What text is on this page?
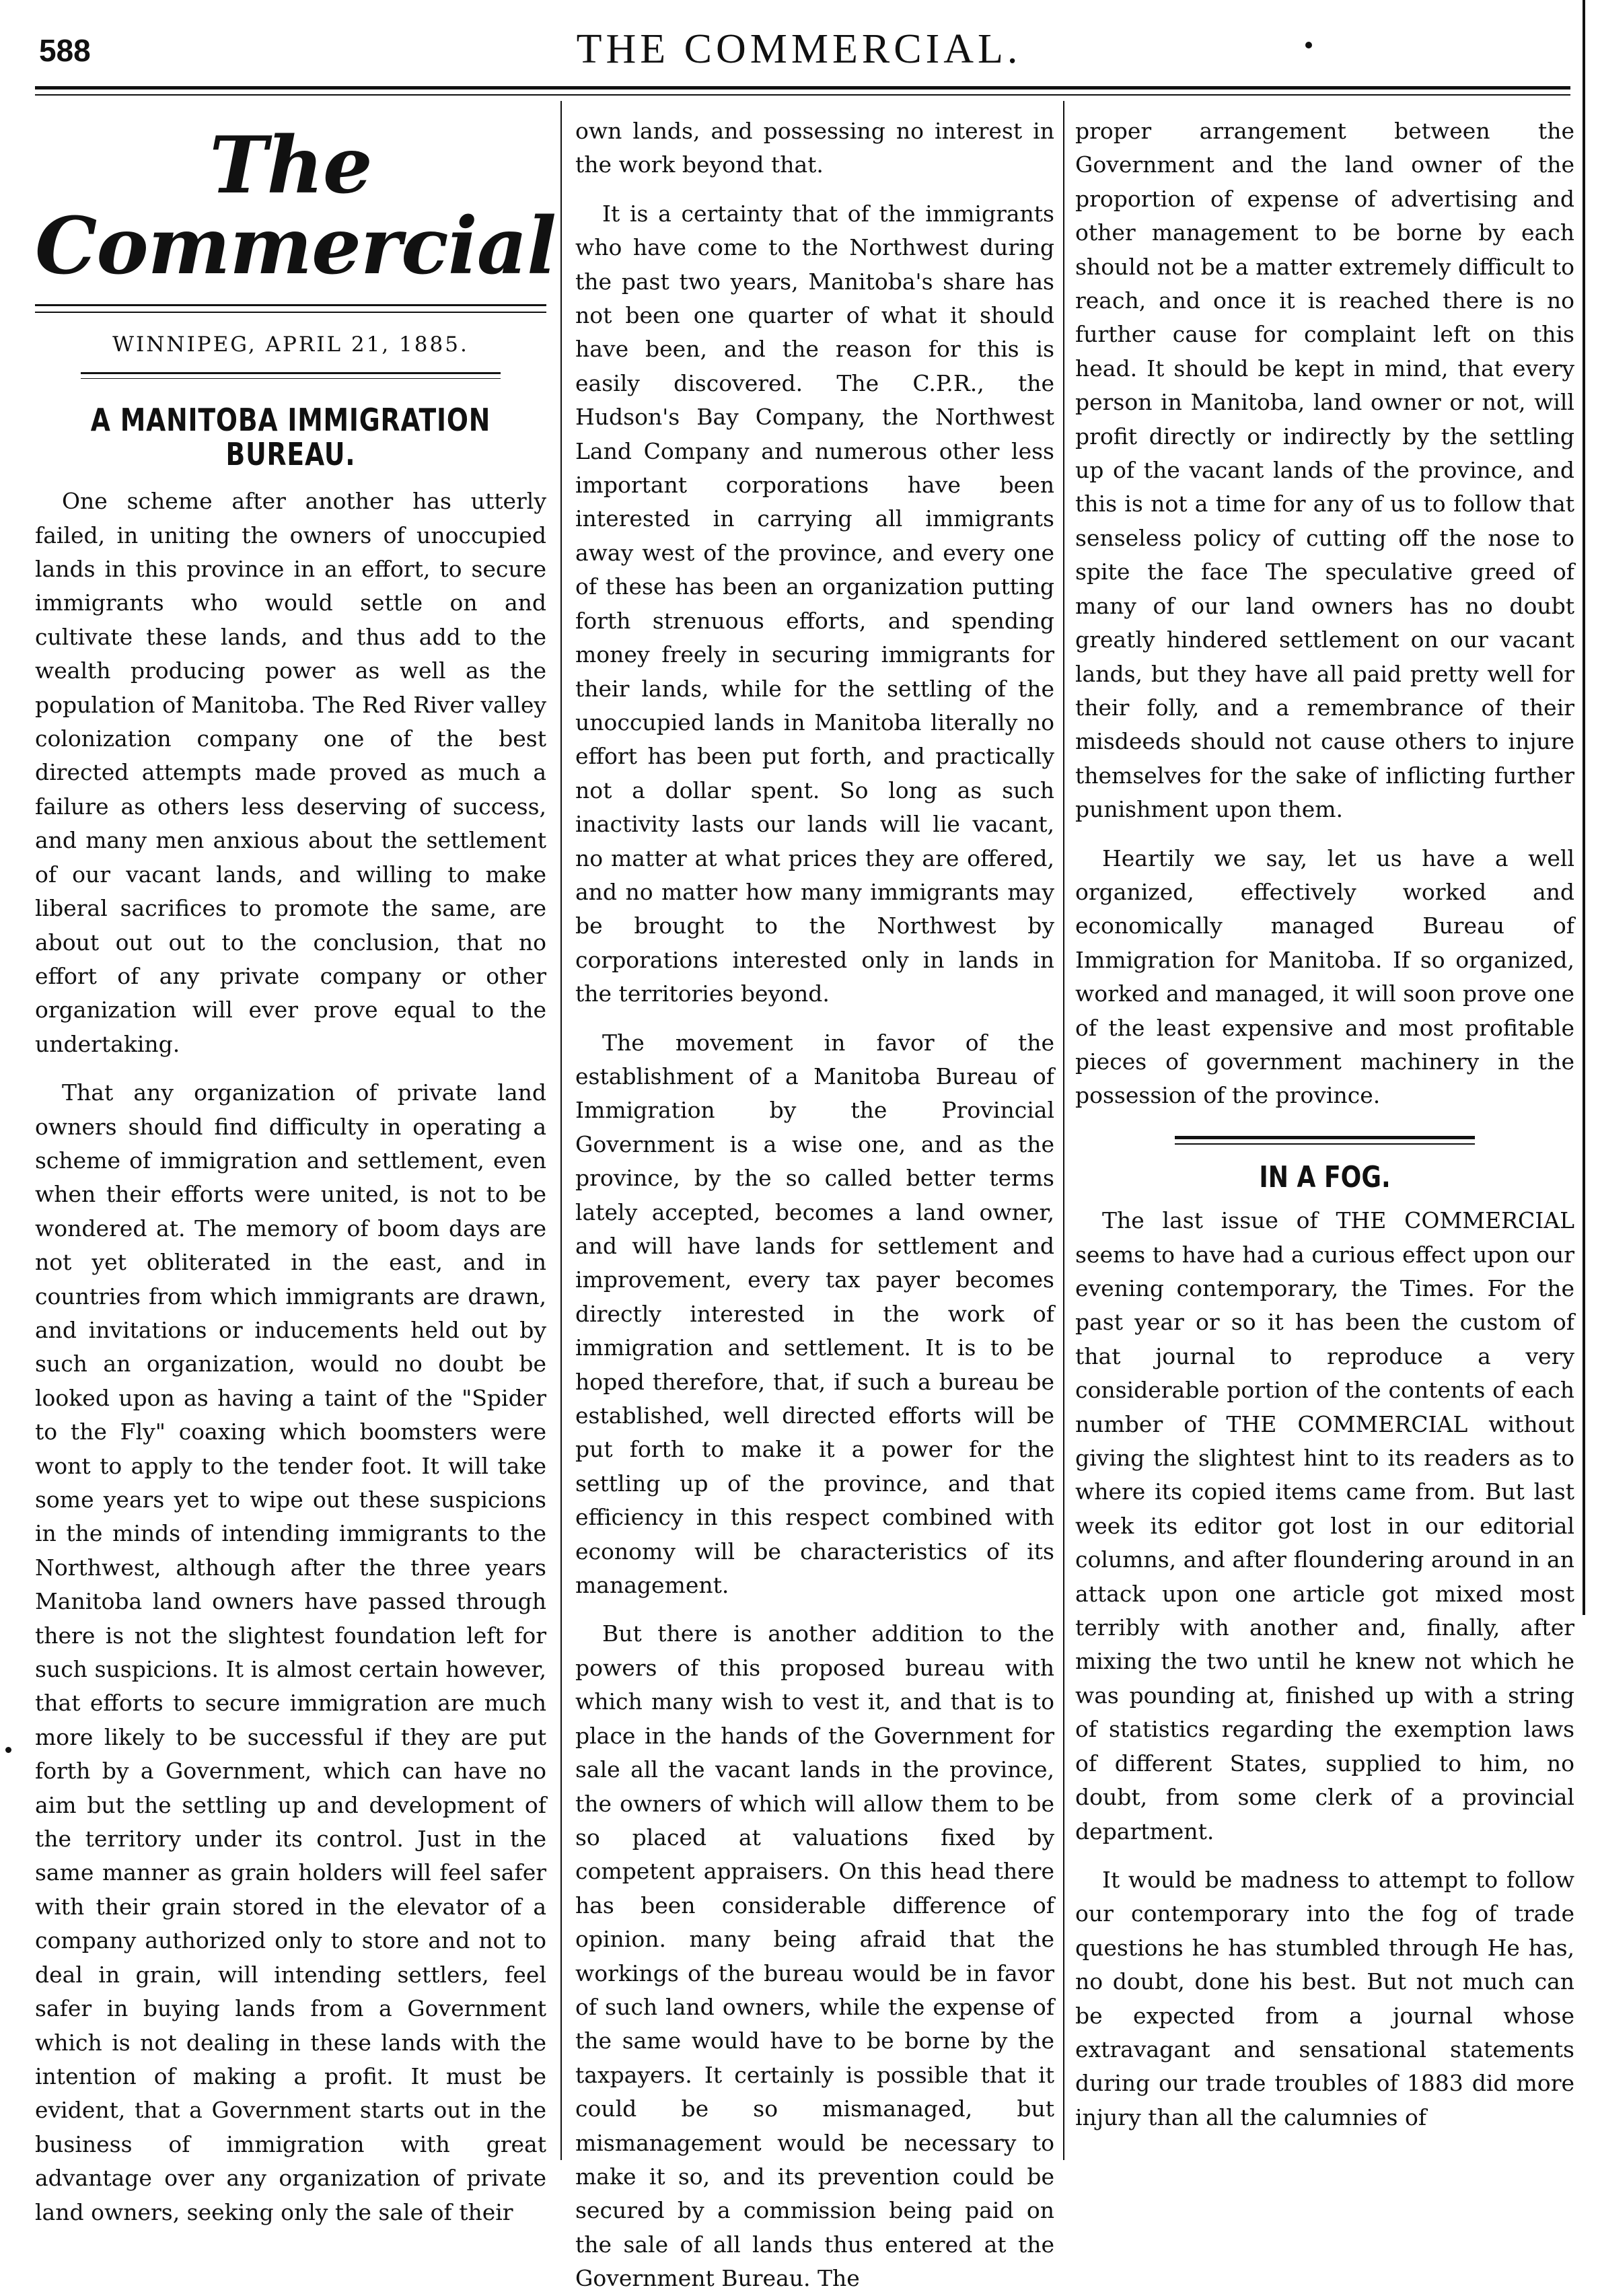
588	THE COMMERCIAL.
The Commercial
WINNIPEG, APRIL 21, 1885.
A MANITOBA IMMIGRATION BUREAU.

One scheme after another has utterly failed, in uniting the owners of unoccupied lands in this province in an effort, to secure immigrants who would settle on and cultivate these lands, and thus add to the wealth producing power as well as the population of Manitoba. The Red River valley colonization company one of the best directed attempts made proved as much a failure as others less deserving of success, and many men anxious about the settlement of our vacant lands, and willing to make liberal sacrifices to promote the same, are about out out to the conclusion, that no effort of any private company or other organization will ever prove equal to the undertaking.

That any organization of private land owners should find difficulty in operating a scheme of immigration and settlement, even when their efforts were united, is not to be wondered at. The memory of boom days are not yet obliterated in the east, and in countries from which immigrants are drawn, and invitations or inducements held out by such an organization, would no doubt be looked upon as having a taint of the "Spider to the Fly" coaxing which boomsters were wont to apply to the tender foot. It will take some years yet to wipe out these suspicions in the minds of intending immigrants to the Northwest, although after the three years Manitoba land owners have passed through there is not the slightest foundation left for such suspicions. It is almost certain however, that efforts to secure immigration are much more likely to be successful if they are put forth by a Government, which can have no aim but the settling up and development of the territory under its control. Just in the same manner as grain holders will feel safer with their grain stored in the elevator of a company authorized only to store and not to deal in grain, will intending settlers, feel safer in buying lands from a Government which is not dealing in these lands with the intention of making a profit. It must be evident, that a Government starts out in the business of immigration with great advantage over any organization of private land owners, seeking only the sale of their

own lands, and possessing no interest in the work beyond that.

It is a certainty that of the immigrants who have come to the Northwest during the past two years, Manitoba's share has not been one quarter of what it should have been, and the reason for this is easily discovered. The C.P.R., the Hudson's Bay Company, the Northwest Land Company and numerous other less important corporations have been interested in carrying all immigrants away west of the province, and every one of these has been an organization putting forth strenuous efforts, and spending money freely in securing immigrants for their lands, while for the settling of the unoccupied lands in Manitoba literally no effort has been put forth, and practically not a dollar spent. So long as such inactivity lasts our lands will lie vacant, no matter at what prices they are offered, and no matter how many immigrants may be brought to the Northwest by corporations interested only in lands in the territories beyond.

The movement in favor of the establishment of a Manitoba Bureau of Immigration by the Provincial Government is a wise one, and as the province, by the so called better terms lately accepted, becomes a land owner, and will have lands for settlement and improvement, every tax payer becomes directly interested in the work of immigration and settlement. It is to be hoped therefore, that, if such a bureau be established, well directed efforts will be put forth to make it a power for the settling up of the province, and that efficiency in this respect combined with economy will be characteristics of its management.

But there is another addition to the powers of this proposed bureau with which many wish to vest it, and that is to place in the hands of the Government for sale all the vacant lands in the province, the owners of which will allow them to be so placed at valuations fixed by competent appraisers. On this head there has been considerable difference of opinion. many being afraid that the workings of the bureau would be in favor of such land owners, while the expense of the same would have to be borne by the taxpayers. It certainly is possible that it could be so mismanaged, but mismanagement would be necessary to make it so, and its prevention could be secured by a commission being paid on the sale of all lands thus entered at the Government Bureau. The

proper arrangement between the Government and the land owner of the proportion of expense of advertising and other management to be borne by each should not be a matter extremely difficult to reach, and once it is reached there is no further cause for complaint left on this head. It should be kept in mind, that every person in Manitoba, land owner or not, will profit directly or indirectly by the settling up of the vacant lands of the province, and this is not a time for any of us to follow that senseless policy of cutting off the nose to spite the face The speculative greed of many of our land owners has no doubt greatly hindered settlement on our vacant lands, but they have all paid pretty well for their folly, and a remembrance of their misdeeds should not cause others to injure themselves for the sake of inflicting further punishment upon them.

Heartily we say, let us have a well organized, effectively worked and economically managed Bureau of Immigration for Manitoba. If so organized, worked and managed, it will soon prove one of the least expensive and most profitable pieces of government machinery in the possession of the province.

IN A FOG.

The last issue of THE COMMERCIAL seems to have had a curious effect upon our evening contemporary, the Times. For the past year or so it has been the custom of that journal to reproduce a very considerable portion of the contents of each number of THE COMMERCIAL without giving the slightest hint to its readers as to where its copied items came from. But last week its editor got lost in our editorial columns, and after floundering around in an attack upon one article got mixed most terribly with another and, finally, after mixing the two until he knew not which he was pounding at, finished up with a string of statistics regarding the exemption laws of different States, supplied to him, no doubt, from some clerk of a provincial department.

It would be madness to attempt to follow our contemporary into the fog of trade questions he has stumbled through He has, no doubt, done his best. But not much can be expected from a journal whose extravagant and sensational statements during our trade troubles of 1883 did more injury than all the calumnies of
